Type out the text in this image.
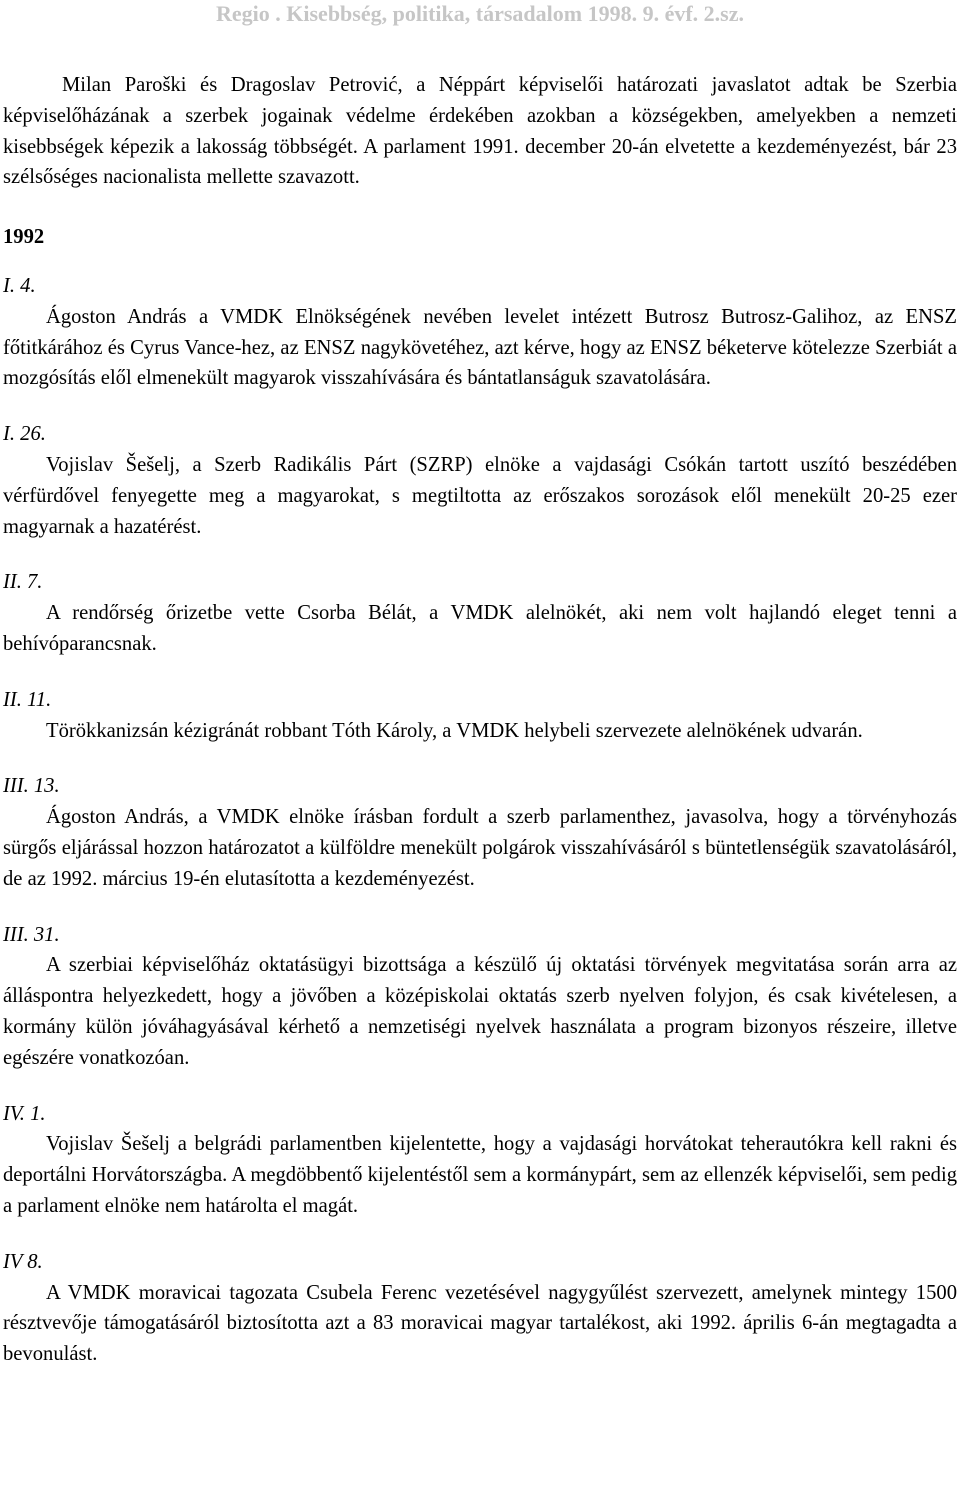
Regio . Kisebbség, politika, társadalom 1998. 9. évf. 2.sz.

Milan Paroški és Dragoslav Petrović, a Néppárt képviselői határozati javaslatot adtak be Szerbia képviselőházának a szerbek jogainak védelme érdekében azokban a községekben, amelyekben a nemzeti kisebbségek képezik a lakosság többségét. A parlament 1991. december 20-án elvetette a kezdeményezést, bár 23 szélsőséges nacionalista mellette szavazott.

1992

I. 4.

Ágoston András a VMDK Elnökségének nevében levelet intézett Butrosz Butrosz-Galihoz, az ENSZ főtitkárához és Cyrus Vance-hez, az ENSZ nagykövetéhez, azt kérve, hogy az ENSZ béketerve kötelezze Szerbiát a mozgósítás elől elmenekült magyarok visszahívására és bántatlanságuk szavatolására.

I. 26.

Vojislav Šešelj, a Szerb Radikális Párt (SZRP) elnöke a vajdasági Csókán tartott uszító beszédében vérfürdővel fenyegette meg a magyarokat, s megtiltotta az erőszakos sorozások elől menekült 20-25 ezer magyarnak a hazatérést.

II. 7.

A rendőrség őrizetbe vette Csorba Bélát, a VMDK alelnökét, aki nem volt hajlandó eleget tenni a behívóparancsnak.

II. 11.

Törökkanizsán kézigránát robbant Tóth Károly, a VMDK helybeli szervezete alelnökének udvarán.

III. 13.

Ágoston András, a VMDK elnöke írásban fordult a szerb parlamenthez, javasolva, hogy a törvényhozás sürgős eljárással hozzon határozatot a külföldre menekült polgárok visszahívásáról s büntetlenségük szavatolásáról, de az 1992. március 19-én elutasította a kezdeményezést.

III. 31.

A szerbiai képviselőház oktatásügyi bizottsága a készülő új oktatási törvények megvitatása során arra az álláspontra helyezkedett, hogy a jövőben a középiskolai oktatás szerb nyelven folyjon, és csak kivételesen, a kormány külön jóváhagyásával kérhető a nemzetiségi nyelvek használata a program bizonyos részeire, illetve egészére vonatkozóan.

IV. 1.

Vojislav Šešelj a belgrádi parlamentben kijelentette, hogy a vajdasági horvátokat teherautókra kell rakni és deportálni Horvátországba. A megdöbbentő kijelentéstől sem a kormánypárt, sem az ellenzék képviselői, sem pedig a parlament elnöke nem határolta el magát.

IV 8.

A VMDK moravicai tagozata Csubela Ferenc vezetésével nagygyűlést szervezett, amelynek mintegy 1500 résztvevője támogatásáról biztosította azt a 83 moravicai magyar tartalékost, aki 1992. április 6-án megtagadta a bevonulást.
